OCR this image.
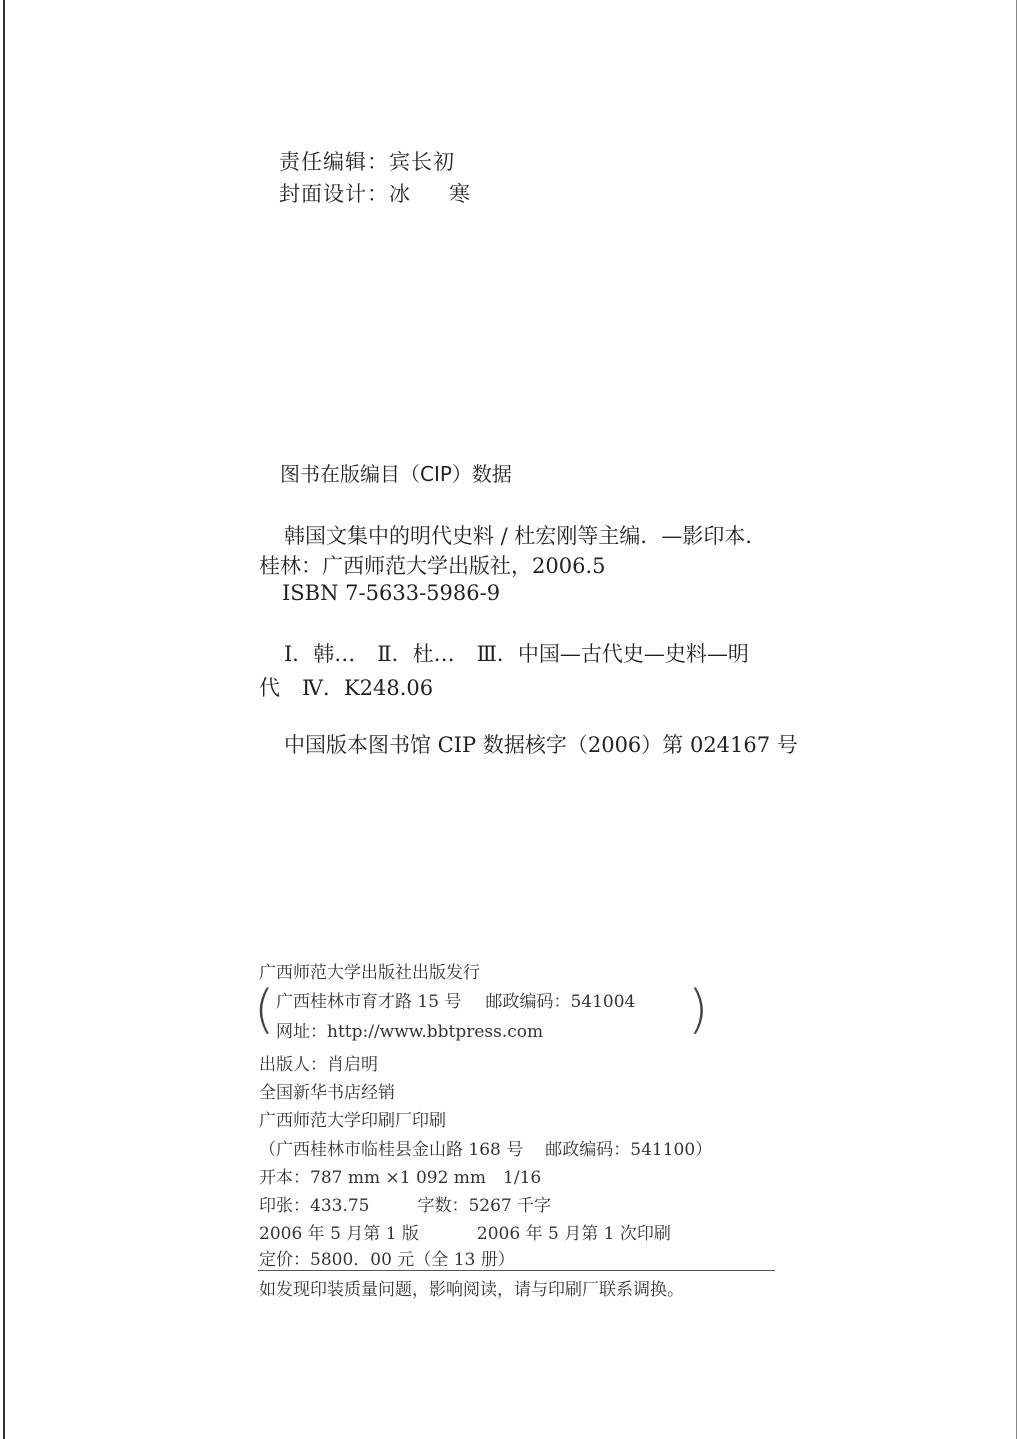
责任编辑：宾长初
封面设计：冰 寒
图书在版编目（CIP）数据
韩国文集中的明代史料 / 杜宏刚等主编．—影印本．
桂林：广西师范大学出版社，2006.5
ISBN 7-5633-5986-9
Ⅰ．韩… Ⅱ．杜… Ⅲ．中国—古代史—史料—明
代 Ⅳ．K248.06
中国版本图书馆 CIP 数据核字（2006）第 024167 号
广西师范大学出版社出版发行
( 广西桂林市育才路 15 号 邮政编码：541004
网址：http://www.bbtpress.com	)
出版人：肖启明
全国新华书店经销
广西师范大学印刷厂印刷
（广西桂林市临桂县金山路 168 号 邮政编码：541100）
开本：787 mm ×1 092 mm　1/16
印张：433.75	字数：5267 千字
2006 年 5 月第 1 版	2006 年 5 月第 1 次印刷
定价：5800．00 元（全 13 册）
如发现印装质量问题，影响阅读，请与印刷厂联系调换。
